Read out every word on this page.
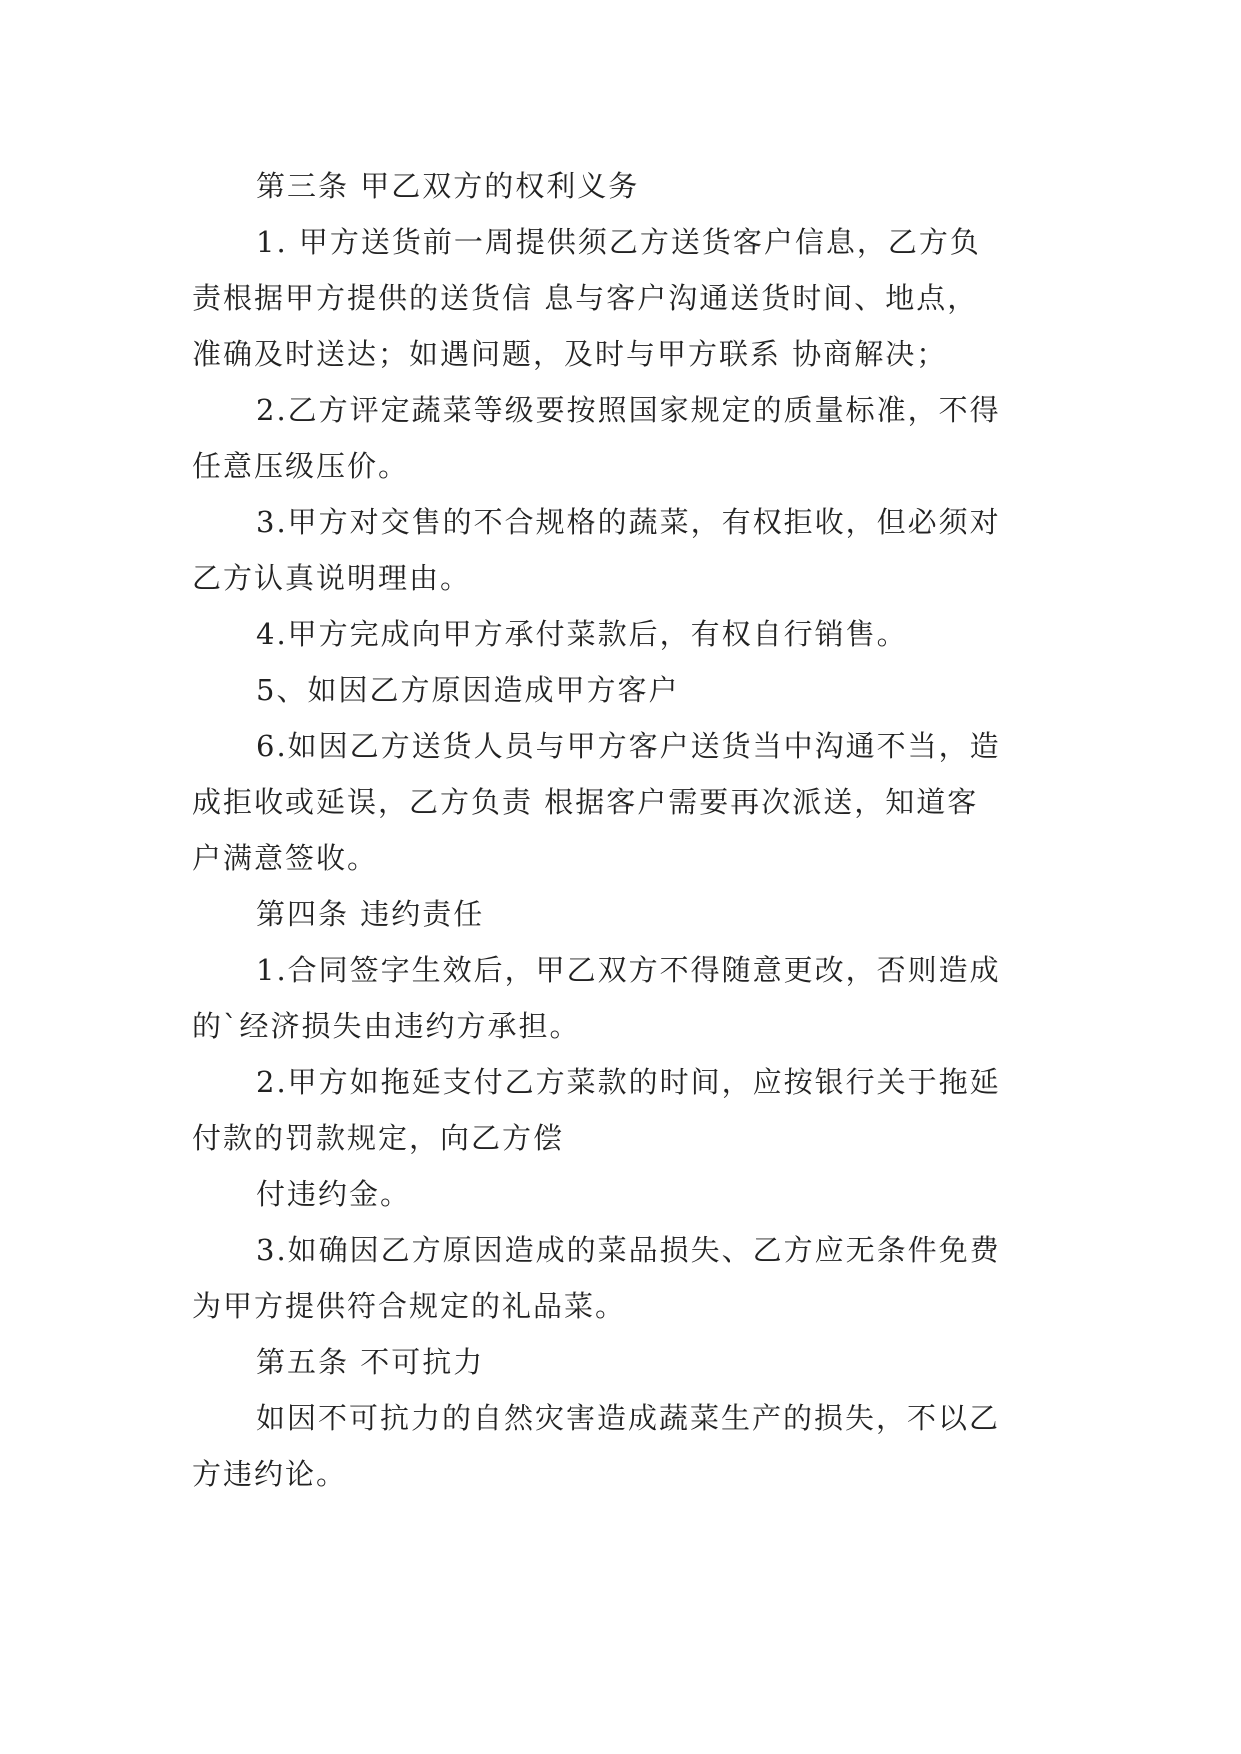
第三条 甲乙双方的权利义务
1. 甲方送货前一周提供须乙方送货客户信息，乙方负
责根据甲方提供的送货信 息与客户沟通送货时间、地点，
准确及时送达；如遇问题，及时与甲方联系 协商解决；
2.乙方评定蔬菜等级要按照国家规定的质量标准，不得
任意压级压价。
3.甲方对交售的不合规格的蔬菜，有权拒收，但必须对
乙方认真说明理由。
4.甲方完成向甲方承付菜款后，有权自行销售。
5、如因乙方原因造成甲方客户
6.如因乙方送货人员与甲方客户送货当中沟通不当，造
成拒收或延误，乙方负责 根据客户需要再次派送，知道客
户满意签收。
第四条 违约责任
1.合同签字生效后，甲乙双方不得随意更改，否则造成
的`经济损失由违约方承担。
2.甲方如拖延支付乙方菜款的时间，应按银行关于拖延
付款的罚款规定，向乙方偿
付违约金。
3.如确因乙方原因造成的菜品损失、乙方应无条件免费
为甲方提供符合规定的礼品菜。
第五条 不可抗力
如因不可抗力的自然灾害造成蔬菜生产的损失，不以乙
方违约论。
